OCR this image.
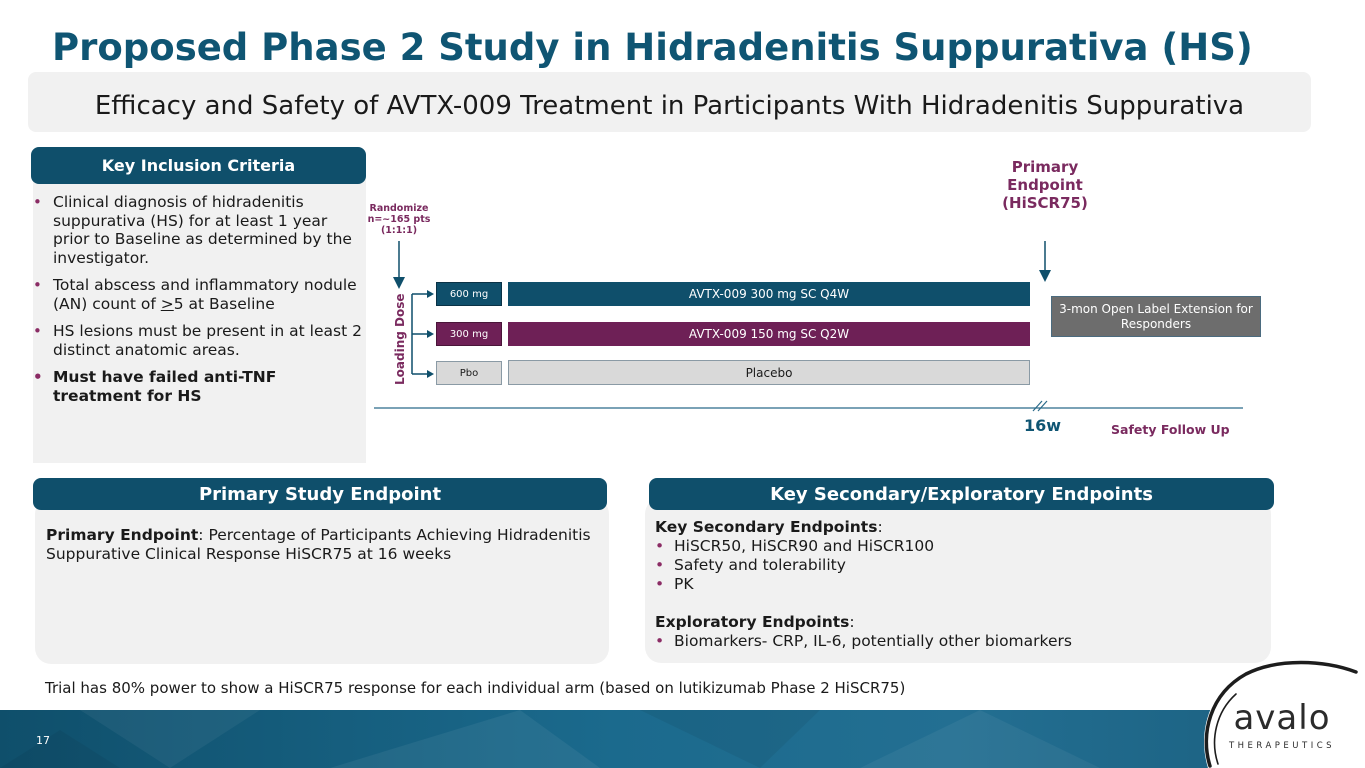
Proposed Phase 2 Study in Hidradenitis Suppurativa (HS)
Efficacy and Safety of AVTX-009 Treatment in Participants With Hidradenitis Suppurativa
Key Inclusion Criteria
• Clinical diagnosis of hidradenitis suppurativa (HS) for at least 1 year prior to Baseline as determined by the investigator.
• Total abscess and inflammatory nodule (AN) count of ≥5 at Baseline
• HS lesions must be present in at least 2 distinct anatomic areas.
• Must have failed anti-TNF treatment for HS
Randomize
n=~165 pts
(1:1:1)
Primary
Endpoint
(HiSCR75)
Loading Dose	600 mg	AVTX-009 300 mg SC Q4W
300 mg	AVTX-009 150 mg SC Q2W
Pbo	Placebo
3-mon Open Label Extension for Responders
16w	Safety Follow Up
Primary Study Endpoint
Primary Endpoint: Percentage of Participants Achieving Hidradenitis Suppurative Clinical Response HiSCR75 at 16 weeks
Key Secondary/Exploratory Endpoints
Key Secondary Endpoints:
• HiSCR50, HiSCR90 and HiSCR100
• Safety and tolerability
• PK
Exploratory Endpoints:
• Biomarkers- CRP, IL-6, potentially other biomarkers
Trial has 80% power to show a HiSCR75 response for each individual arm (based on lutikizumab Phase 2 HiSCR75)
17
avalo
THERAPEUTICS
